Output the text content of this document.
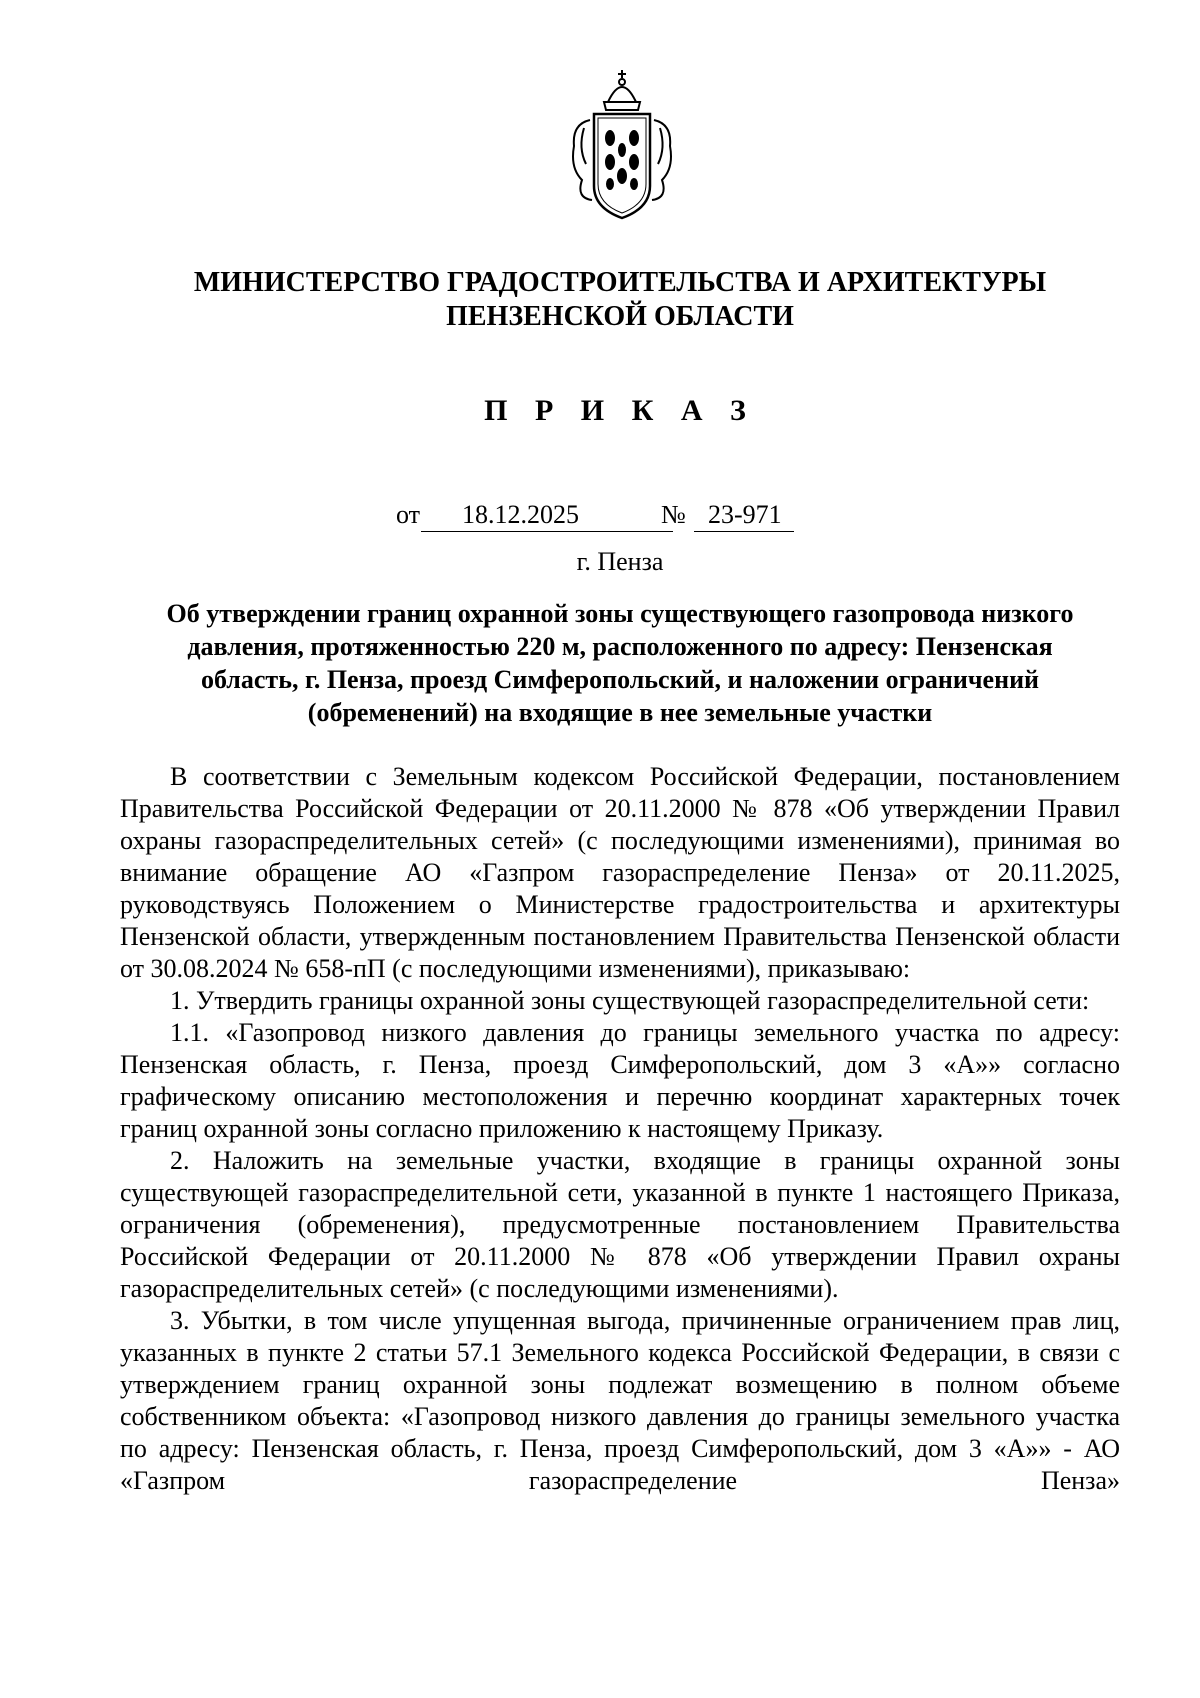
МИНИСТЕРСТВО ГРАДОСТРОИТЕЛЬСТВА И АРХИТЕКТУРЫ
ПЕНЗЕНСКОЙ ОБЛАСТИ
П Р И К А З
от 18.12.2025	№ 23-971
г. Пенза
Об утверждении границ охранной зоны существующего газопровода низкого
давления, протяженностью 220 м, расположенного по адресу: Пензенская
область, г. Пенза, проезд Симферопольский, и наложении ограничений
(обременений) на входящие в нее земельные участки

В соответствии с Земельным кодексом Российской Федерации, постановлением Правительства Российской Федерации от 20.11.2000 № 878 «Об утверждении Правил охраны газораспределительных сетей» (с последующими изменениями), принимая во внимание обращение АО «Газпром газораспределение Пенза» от 20.11.2025, руководствуясь Положением о Министерстве градостроительства и архитектуры Пензенской области, утвержденным постановлением Правительства Пензенской области от 30.08.2024 № 658-пП (с последующими изменениями), приказываю:

1. Утвердить границы охранной зоны существующей газораспределительной сети:

1.1. «Газопровод низкого давления до границы земельного участка по адресу: Пензенская область, г. Пенза, проезд Симферопольский, дом 3 «А»» согласно графическому описанию местоположения и перечню координат характерных точек границ охранной зоны согласно приложению к настоящему Приказу.

2. Наложить на земельные участки, входящие в границы охранной зоны существующей газораспределительной сети, указанной в пункте 1 настоящего Приказа, ограничения (обременения), предусмотренные постановлением Правительства Российской Федерации от 20.11.2000 № 878 «Об утверждении Правил охраны газораспределительных сетей» (с последующими изменениями).

3. Убытки, в том числе упущенная выгода, причиненные ограничением прав лиц, указанных в пункте 2 статьи 57.1 Земельного кодекса Российской Федерации, в связи с утверждением границ охранной зоны подлежат возмещению в полном объеме собственником объекта: «Газопровод низкого давления до границы земельного участка по адресу: Пензенская область, г. Пенза, проезд Симферопольский, дом 3 «А»» - АО «Газпром газораспределение Пенза»
